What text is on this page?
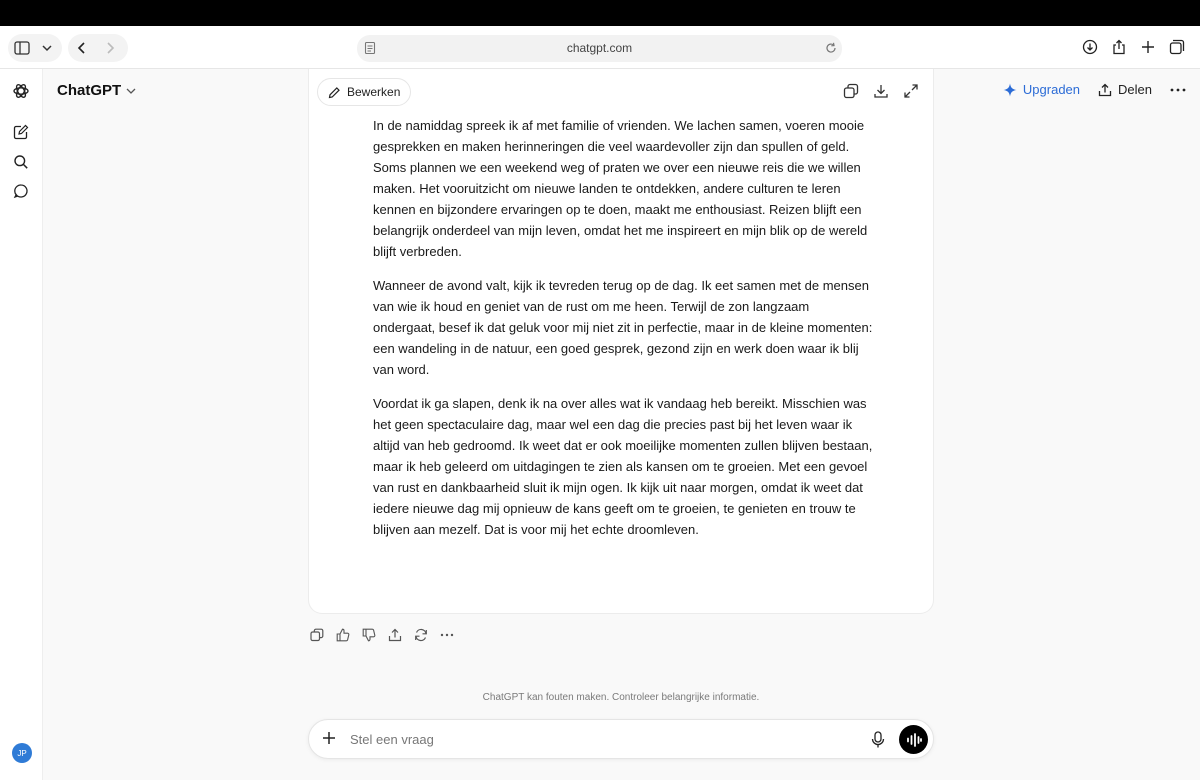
chatgpt.com
JP
ChatGPT	Upgraden	Delen
Bewerken

In de namiddag spreek ik af met familie of vrienden. We lachen samen, voeren mooie gesprekken en maken herinneringen die veel waardevoller zijn dan spullen of geld. Soms plannen we een weekend weg of praten we over een nieuwe reis die we willen maken. Het vooruitzicht om nieuwe landen te ontdekken, andere culturen te leren kennen en bijzondere ervaringen op te doen, maakt me enthousiast. Reizen blijft een belangrijk onderdeel van mijn leven, omdat het me inspireert en mijn blik op de wereld blijft verbreden.

Wanneer de avond valt, kijk ik tevreden terug op de dag. Ik eet samen met de mensen van wie ik houd en geniet van de rust om me heen. Terwijl de zon langzaam ondergaat, besef ik dat geluk voor mij niet zit in perfectie, maar in de kleine momenten: een wandeling in de natuur, een goed gesprek, gezond zijn en werk doen waar ik blij van word.

Voordat ik ga slapen, denk ik na over alles wat ik vandaag heb bereikt. Misschien was het geen spectaculaire dag, maar wel een dag die precies past bij het leven waar ik altijd van heb gedroomd. Ik weet dat er ook moeilijke momenten zullen blijven bestaan, maar ik heb geleerd om uitdagingen te zien als kansen om te groeien. Met een gevoel van rust en dankbaarheid sluit ik mijn ogen. Ik kijk uit naar morgen, omdat ik weet dat iedere nieuwe dag mij opnieuw de kans geeft om te groeien, te genieten en trouw te blijven aan mezelf. Dat is voor mij het echte droomleven.

ChatGPT kan fouten maken. Controleer belangrijke informatie.
Stel een vraag
